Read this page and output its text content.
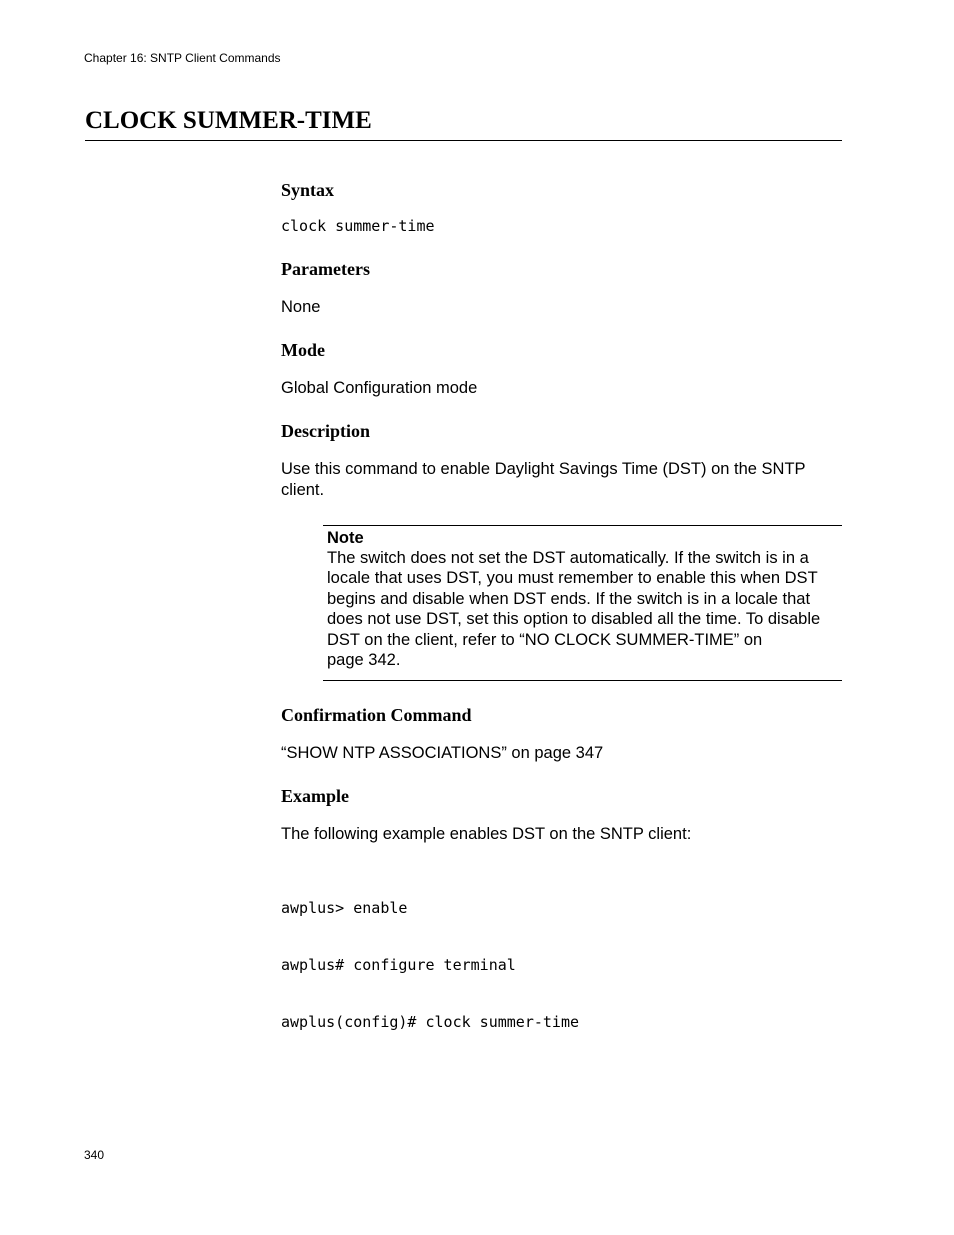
Chapter 16: SNTP Client Commands
CLOCK SUMMER-TIME
Syntax
clock summer-time
Parameters

None

Mode

Global Configuration mode

Description

Use this command to enable Daylight Savings Time (DST) on the SNTP client.

Note
The switch does not set the DST automatically. If the switch is in a
locale that uses DST, you must remember to enable this when DST
begins and disable when DST ends. If the switch is in a locale that
does not use DST, set this option to disabled all the time. To disable
DST on the client, refer to “NO CLOCK SUMMER-TIME” on
page 342.
Confirmation Command

“SHOW NTP ASSOCIATIONS” on page 347

Example

The following example enables DST on the SNTP client:

awplus> enable

awplus# configure terminal

awplus(config)# clock summer-time

340
